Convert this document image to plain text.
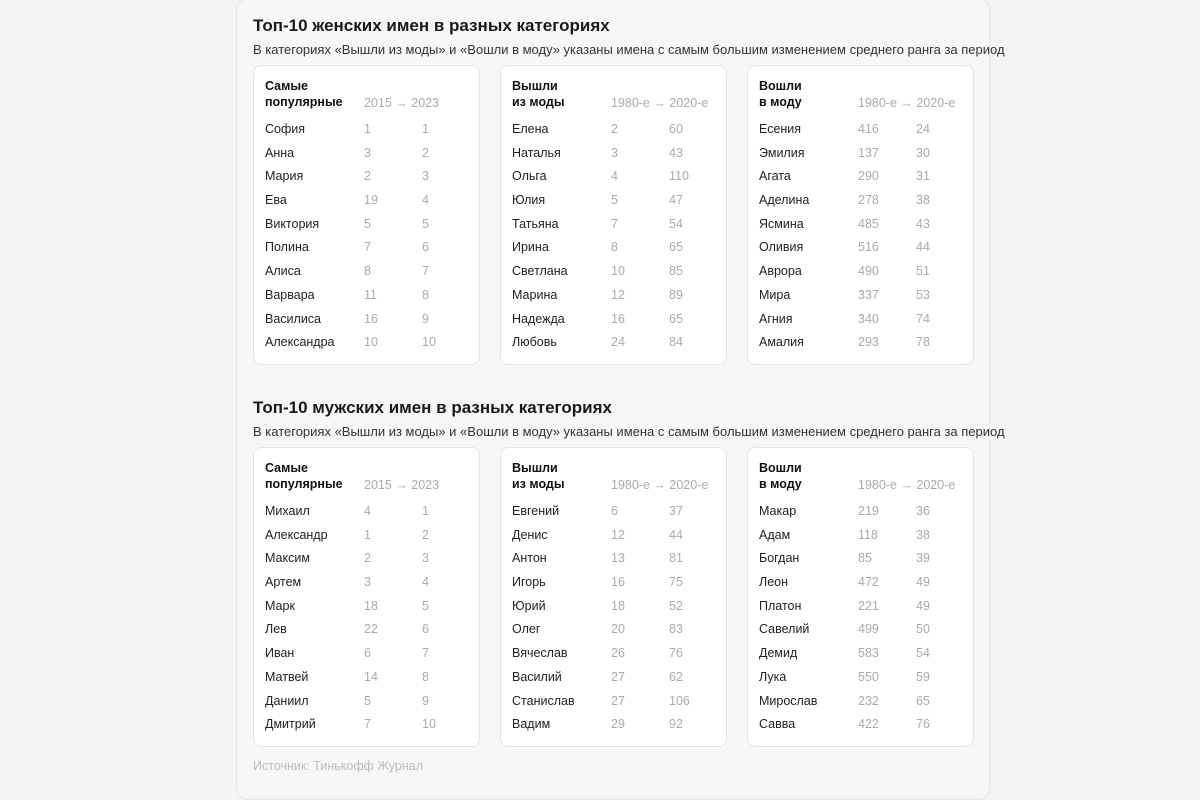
Топ-10 женских имен в разных категориях

В категориях «Вышли из моды» и «Вошли в моду» указаны имена с самым большим изменением среднего ранга за период

Самые
популярные	2015 → 2023
София	1	1
Анна	3	2
Мария	2	3
Ева	19	4
Виктория	5	5
Полина	7	6
Алиса	8	7
Варвара	11	8
Василиса	16	9
Александра 10	10
Вышли
из моды	1980-е → 2020-е
Елена	2	60
Наталья	3	43
Ольга	4	110
Юлия	5	47
Татьяна	7	54
Ирина	8	65
Светлана	10	85
Марина	12	89
Надежда	16	65
Любовь	24	84
Вошли
в моду	1980-е → 2020-е
Есения	416	24
Эмилия	137	30
Агата	290	31
Аделина	278	38
Ясмина	485	43
Оливия	516	44
Аврора	490	51
Мира	337	53
Агния	340	74
Амалия	293	78
Топ-10 мужских имен в разных категориях

В категориях «Вышли из моды» и «Вошли в моду» указаны имена с самым большим изменением среднего ранга за период

Самые
популярные	2015 → 2023
Михаил	4	1
Александр	1	2
Максим	2	3
Артем	3	4
Марк	18	5
Лев	22	6
Иван	6	7
Матвей	14	8
Даниил	5	9
Дмитрий	7	10
Вышли
из моды	1980-е → 2020-е
Евгений	6	37
Денис	12	44
Антон	13	81
Игорь	16	75
Юрий	18	52
Олег	20	83
Вячеслав	26	76
Василий	27	62
Станислав	27	106
Вадим	29	92
Вошли
в моду	1980-е → 2020-е
Макар	219	36
Адам	118	38
Богдан	85	39
Леон	472	49
Платон	221	49
Савелий	499	50
Демид	583	54
Лука	550	59
Мирослав	232	65
Савва	422	76
Источник: Тинькофф Журнал
